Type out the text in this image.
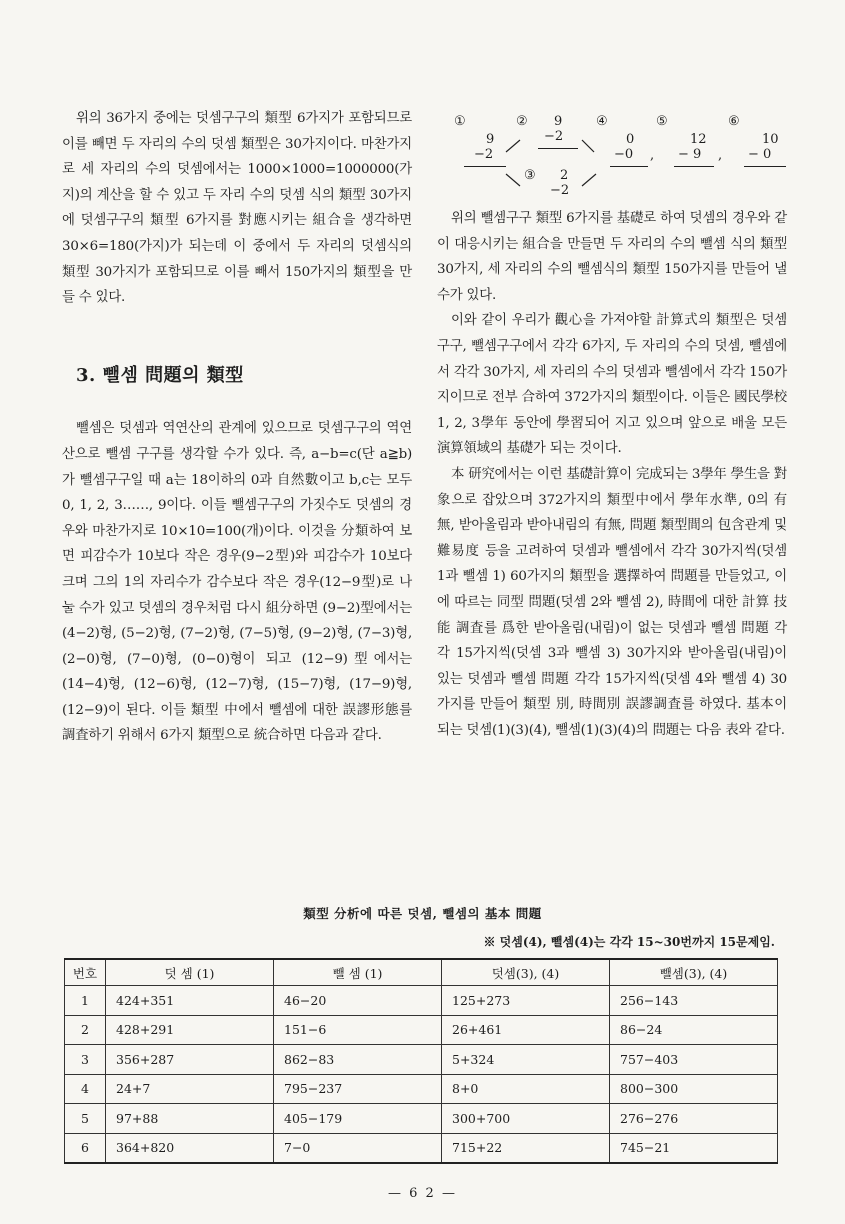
위의 36가지 중에는 덧셈구구의 類型 6가지가 포함되므로 이를 빼면 두 자리의 수의 덧셈 類型은 30가지이다. 마찬가지로 세 자리의 수의 덧셈에서는 1000×1000=1000000(가지)의 계산을 할 수 있고 두 자리 수의 덧셈 식의 類型 30가지에 덧셈구구의 類型 6가지를 對應시키는 組合을 생각하면 30×6=180(가지)가 되는데 이 중에서 두 자리의 덧셈식의 類型 30가지가 포함되므로 이를 빼서 150가지의 類型을 만들 수 있다.

3. 뺄셈 問題의 類型

뺄셈은 덧셈과 역연산의 관계에 있으므로 덧셈구구의 역연산으로 뺄셈 구구를 생각할 수가 있다. 즉, a−b=c(단 a≧b)가 뺄셈구구일 때 a는 18이하의 0과 自然數이고 b,c는 모두 0, 1, 2, 3……, 9이다. 이들 뺄셈구구의 가짓수도 덧셈의 경우와 마찬가지로 10×10=100(개)이다. 이것을 分類하여 보면 피감수가 10보다 작은 경우(9−2型)와 피감수가 10보다 크며 그의 1의 자리수가 감수보다 작은 경우(12−9型)로 나눌 수가 있고 덧셈의 경우처럼 다시 組分하면 (9−2)型에서는 (4−2)형, (5−2)형, (7−2)형, (7−5)형, (9−2)형, (7−3)형, (2−0)형, (7−0)형, (0−0)형이 되고 (12−9)型에서는 (14−4)형, (12−6)형, (12−7)형, (15−7)형, (17−9)형, (12−9)이 된다. 이들 類型 中에서 뺄셈에 대한 誤謬形態를 調査하기 위해서 6가지 類型으로 統合하면 다음과 같다.

①	②	④	⑤	⑥
9
−2
9
−2
③ 2
−2
0
−0 ,
12
− 9 ,
10
− 0

위의 뺄셈구구 類型 6가지를 基礎로 하여 덧셈의 경우와 같이 대응시키는 組合을 만들면 두 자리의 수의 뺄셈 식의 類型 30가지, 세 자리의 수의 뺄셈식의 類型 150가지를 만들어 낼 수가 있다.

이와 같이 우리가 觀心을 가져야할 計算式의 類型은 덧셈구구, 뺄셈구구에서 각각 6가지, 두 자리의 수의 덧셈, 뺄셈에서 각각 30가지, 세 자리의 수의 덧셈과 뺄셈에서 각각 150가지이므로 전부 合하여 372가지의 類型이다. 이들은 國民學校 1, 2, 3學年 동안에 學習되어 지고 있으며 앞으로 배울 모든 演算領域의 基礎가 되는 것이다.

本 研究에서는 이런 基礎計算이 完成되는 3學年 學生을 對象으로 잡았으며 372가지의 類型中에서 學年水準, 0의 有無, 받아올림과 받아내림의 有無, 問題 類型間의 包含관계 및 難易度 등을 고려하여 덧셈과 뺄셈에서 각각 30가지씩(덧셈 1과 뺄셈 1) 60가지의 類型을 選擇하여 問題를 만들었고, 이에 따르는 同型 問題(덧셈 2와 뺄셈 2), 時間에 대한 計算 技能 調査를 爲한 받아올림(내림)이 없는 덧셈과 뺄셈 問題 각각 15가지씩(덧셈 3과 뺄셈 3) 30가지와 받아올림(내림)이 있는 덧셈과 뺄셈 問題 각각 15가지씩(덧셈 4와 뺄셈 4) 30가지를 만들어 類型 別, 時間別 誤謬調査를 하였다. 基本이 되는 덧셈(1)(3)(4), 뺄셈(1)(3)(4)의 問題는 다음 表와 같다.

類型 分析에 따른 덧셈, 뺄셈의 基本 問題
※ 덧셈(4), 뺄셈(4)는 각각 15~30번까지 15문제임.
번호	덧 셈 (1)	뺄 셈 (1)	덧셈(3), (4)	뺄셈(3), (4)
1	424+351	46−20	125+273	256−143
2	428+291	151−6	26+461	86−24
3	356+287	862−83	5+324	757−403
4	24+7	795−237	8+0	800−300
5	97+88	405−179	300+700	276−276
6	364+820	7−0	715+22	745−21
— 6 2 —
